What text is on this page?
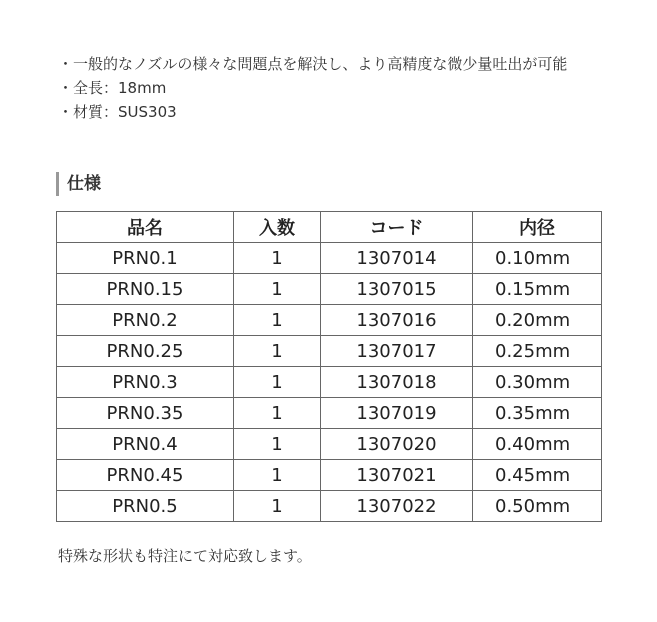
・一般的なノズルの様々な問題点を解決し、より高精度な微少量吐出が可能
・全長：18mm
・材質：SUS303
仕様
品名	入数	コード	内径
PRN0.1	1	1307014	0.10mm
PRN0.15	1	1307015	0.15mm
PRN0.2	1	1307016	0.20mm
PRN0.25	1	1307017	0.25mm
PRN0.3	1	1307018	0.30mm
PRN0.35	1	1307019	0.35mm
PRN0.4	1	1307020	0.40mm
PRN0.45	1	1307021	0.45mm
PRN0.5	1	1307022	0.50mm
特殊な形状も特注にて対応致します。
